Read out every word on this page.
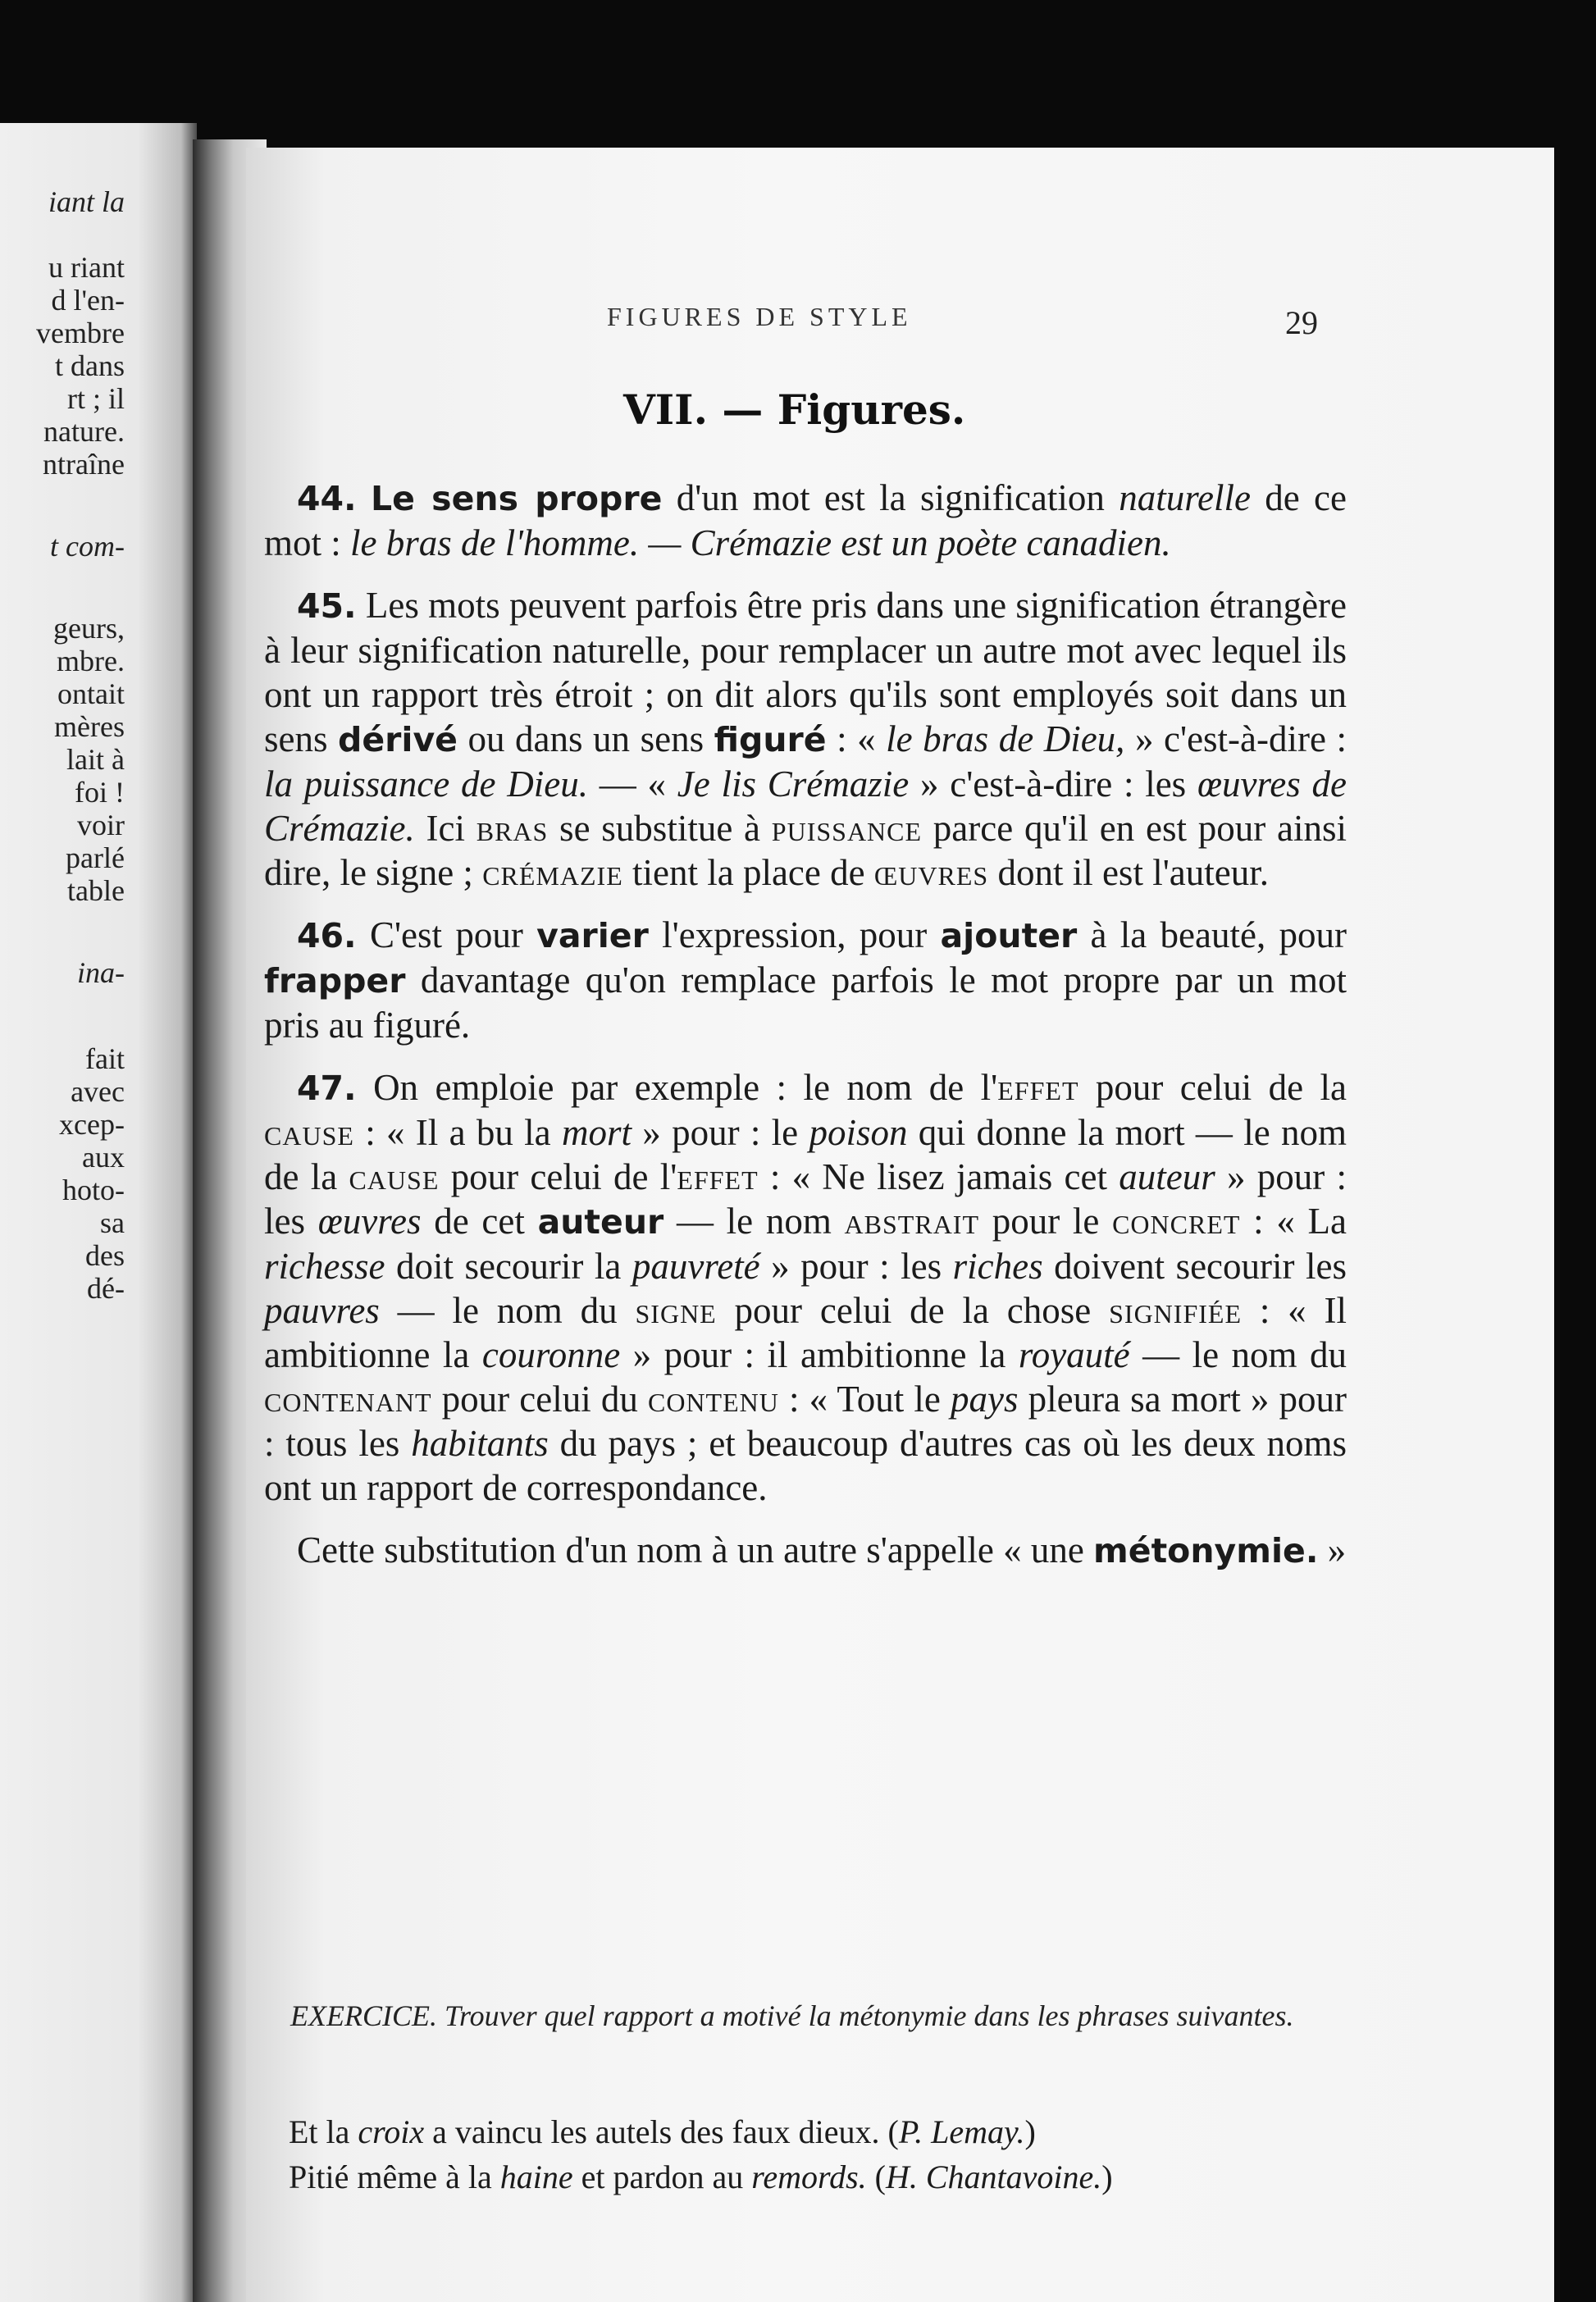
iant la
u riant
d l'en-
vembre
t dans
rt ; il
nature.
ntraîne
t com-
geurs,
mbre.
ontait
mères
lait à
foi !
voir
parlé
table
ina-
fait
avec
xcep-
aux
hoto-
sa
des
dé-
FIGURES DE STYLE	29
VII. — Figures.

44. Le sens propre d'un mot est la signification naturelle de ce mot : le bras de l'homme. — Crémazie est un poète canadien.

45. Les mots peuvent parfois être pris dans une signification étrangère à leur signification naturelle, pour remplacer un autre mot avec lequel ils ont un rapport très étroit ; on dit alors qu'ils sont employés soit dans un sens dérivé ou dans un sens figuré : « le bras de Dieu, » c'est-à-dire : la puissance de Dieu. — « Je lis Crémazie » c'est-à-dire : les œuvres de Crémazie. Ici bras se substitue à puissance parce qu'il en est pour ainsi dire, le signe ; crémazie tient la place de œuvres dont il est l'auteur.

46. C'est pour varier l'expression, pour ajouter à la beauté, pour frapper davantage qu'on remplace parfois le mot propre par un mot pris au figuré.

47. On emploie par exemple : le nom de l'effet pour celui de la cause : « Il a bu la mort » pour : le poison qui donne la mort — le nom de la cause pour celui de l'effet : « Ne lisez jamais cet auteur » pour : les œuvres de cet auteur — le nom abstrait pour le concret : « La richesse doit secourir la pauvreté » pour : les riches doivent secourir les pauvres — le nom du signe pour celui de la chose signifiée : « Il ambitionne la couronne » pour : il ambitionne la royauté — le nom du contenant pour celui du contenu : « Tout le pays pleura sa mort » pour : tous les habitants du pays ; et beaucoup d'autres cas où les deux noms ont un rapport de correspondance.

Cette substitution d'un nom à un autre s'appelle « une métonymie. »

EXERCICE. Trouver quel rapport a motivé la métonymie dans les phrases suivantes.
Et la croix a vaincu les autels des faux dieux. (P. Lemay.)
Pitié même à la haine et pardon au remords. (H. Chantavoine.)
